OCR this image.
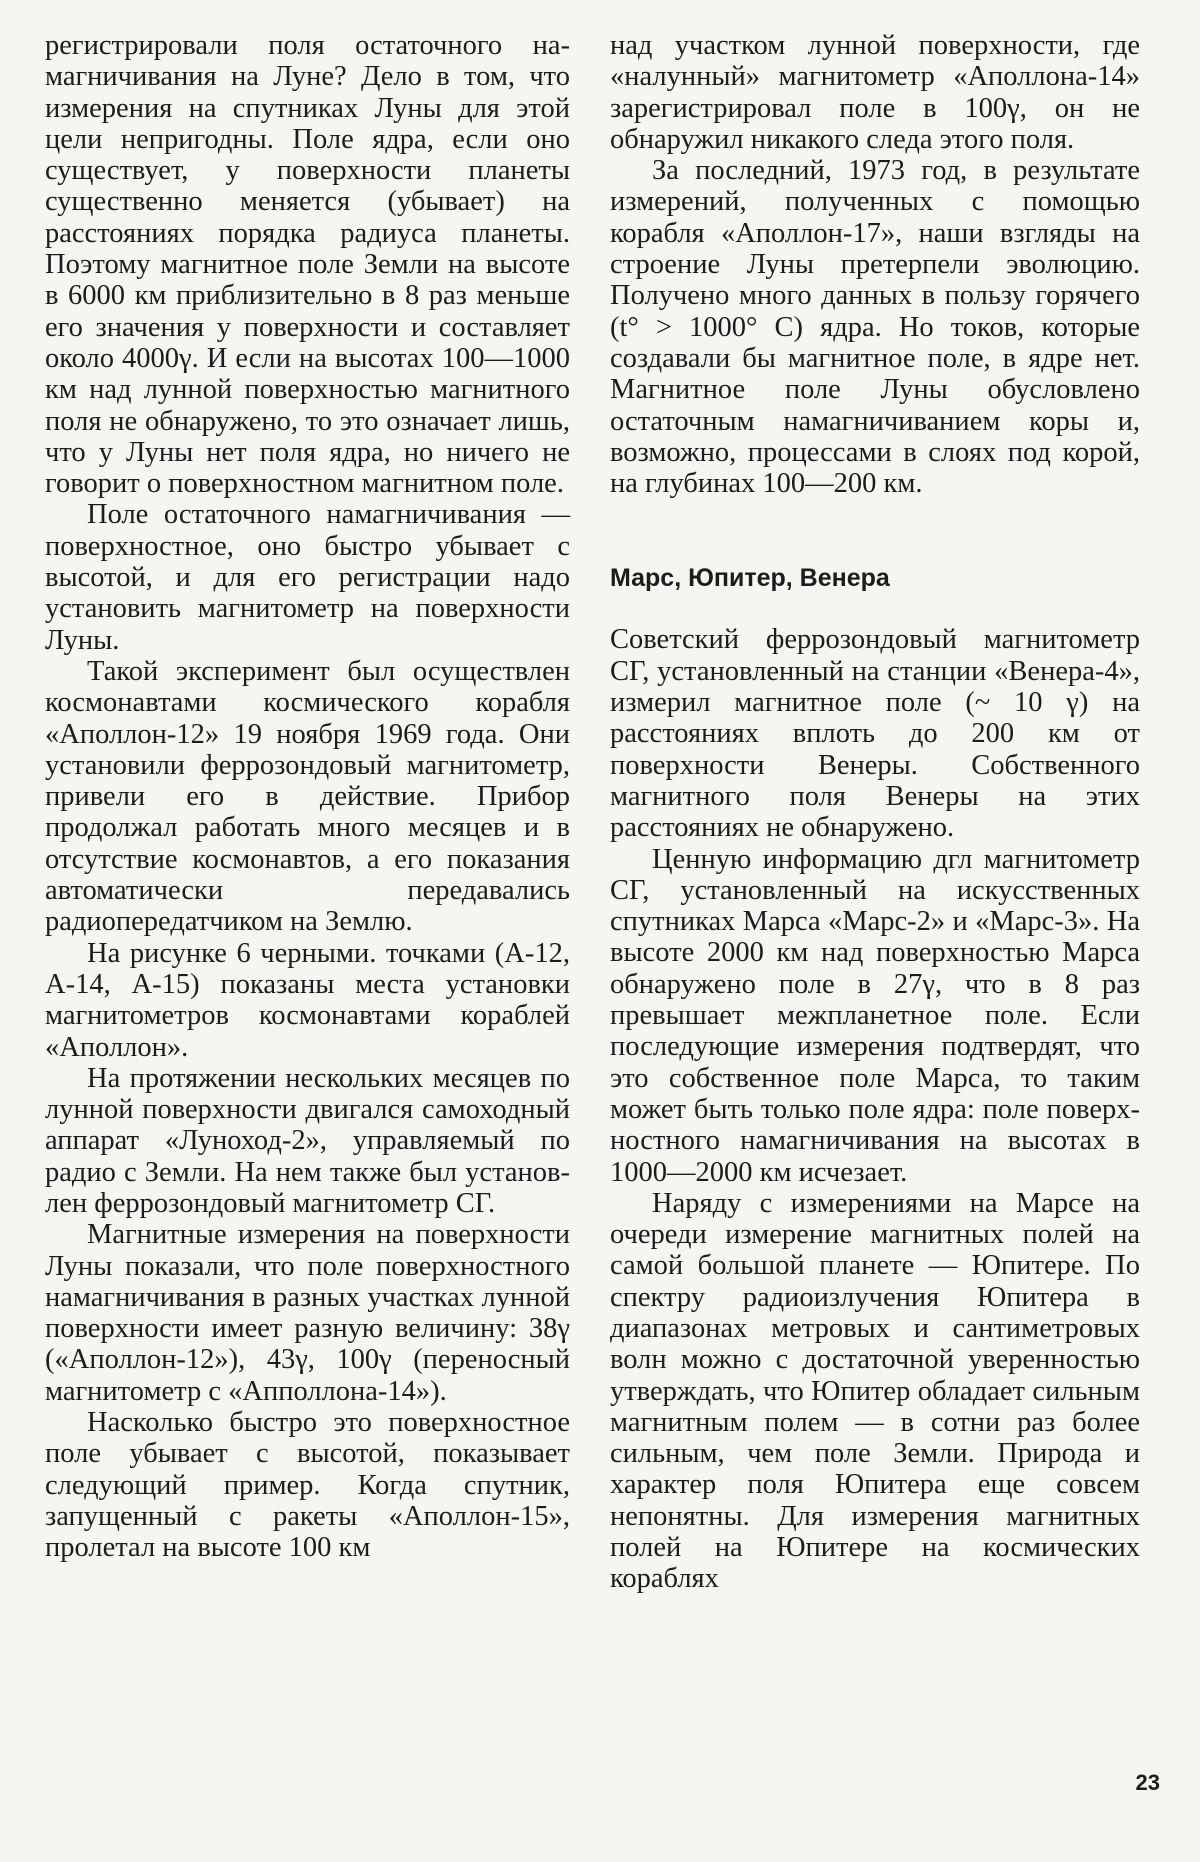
регистрировали поля остаточного намагничивания на Луне? Дело в том, что измерения на спутниках Луны для этой цели непригодны. Поле ядра, если оно существует, у поверхности планеты существенно меняется (убывает) на расстояниях порядка радиуса планеты. Поэтому магнитное поле Земли на высоте в 6000 км приблизительно в 8 раз меньше его значения у поверхности и составляет около 4000γ. И если на высотах 100—1000 км над лунной поверхностью магнитного поля не обнаружено, то это означает лишь, что у Луны нет поля ядра, но ничего не говорит о поверхностном магнитном поле.

Поле остаточного намагничивания — поверхностное, оно быстро убывает с высотой, и для его регистрации надо установить магнитометр на поверхности Луны.

Такой эксперимент был осуществлен космонавтами космического корабля «Аполлон-12» 19 ноября 1969 года. Они установили феррозондовый магнитометр, привели его в действие. Прибор продолжал работать много месяцев и в отсутствие космонавтов, а его показания автоматически передавались радиопередатчиком на Землю.

На рисунке 6 черными. точками (А-12, А-14, А-15) показаны места установки магнитометров космонавтами кораблей «Аполлон».

На протяжении нескольких месяцев по лунной поверхности двигался самоходный аппарат «Луноход-2», управляемый по радио с Земли. На нем также был установлен феррозондовый магнитометр СГ.

Магнитные измерения на поверхности Луны показали, что поле поверхностного намагничивания в разных участках лунной поверхности имеет разную величину: 38γ («Аполлон-12»), 43γ, 100γ (переносный магнитометр с «Апполлона-14»).

Насколько быстро это поверхностное поле убывает с высотой, показывает следующий пример. Когда спутник, запущенный с ракеты «Аполлон-15», пролетал на высоте 100 км

над участком лунной поверхности, где «налунный» магнитометр «Аполлона-14» зарегистрировал поле в 100γ, он не обнаружил никакого следа этого поля.

За последний, 1973 год, в результате измерений, полученных с помощью корабля «Аполлон-17», наши взгляды на строение Луны претерпели эволюцию. Получено много данных в пользу горячего (t° > 1000° С) ядра. Но токов, которые создавали бы магнитное поле, в ядре нет. Магнитное поле Луны обусловлено остаточным намагничиванием коры и, возможно, процессами в слоях под корой, на глубинах 100—200 км.

Марс, Юпитер, Венера

Советский феррозондовый магнитометр СГ, установленный на станции «Венера-4», измерил магнитное поле (~ 10 γ) на расстояниях вплоть до 200 км от поверхности Венеры. Собственного магнитного поля Венеры на этих расстояниях не обнаружено.

Ценную информацию дгл магнитометр СГ, установленный на искусственных спутниках Марса «Марс-2» и «Марс-3». На высоте 2000 км над поверхностью Марса обнаружено поле в 27γ, что в 8 раз превышает межпланетное поле. Если последующие измерения подтвердят, что это собственное поле Марса, то таким может быть только поле ядра: поле поверхностного намагничивания на высотах в 1000—2000 км исчезает.

Наряду с измерениями на Марсе на очереди измерение магнитных полей на самой большой планете — Юпитере. По спектру радиоизлучения Юпитера в диапазонах метровых и сантиметровых волн можно с достаточной уверенностью утверждать, что Юпитер обладает сильным магнитным полем — в сотни раз более сильным, чем поле Земли. Природа и характер поля Юпитера еще совсем непонятны. Для измерения магнитных полей на Юпитере на космических кораблях

23
